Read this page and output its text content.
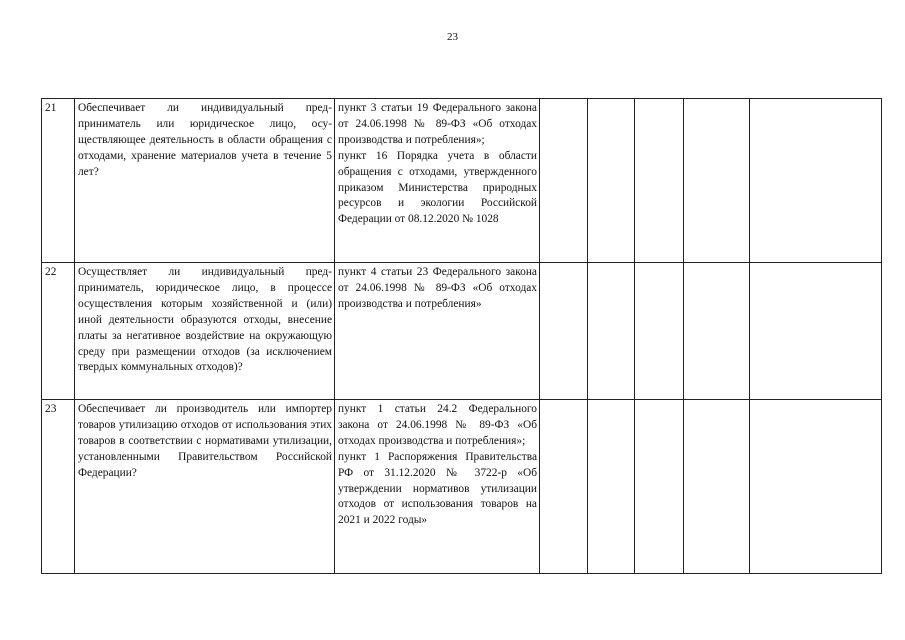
23
21	Обеспечивает ли индивидуальный предприниматель или юридическое лицо, осуществляющее деятельность в области обращения с отходами, хранение материалов учета в течение 5 лет?	пункт 3 статьи 19 Федерального закона от 24.06.1998 № 89-ФЗ «Об отходах производства и потребления»;
пункт 16 Порядка учета в области обращения с отходами, утвержденного приказом Министерства природных ресурсов и экологии Российской Федерации от 08.12.2020 № 1028					

22	Осуществляет ли индивидуальный предприниматель, юридическое лицо, в процессе осуществления которым хозяйственной и (или) иной деятельности образуются отходы, внесение платы за негативное воздействие на окружающую среду при размещении отходов (за исключением твердых коммунальных отходов)?	пункт 4 статьи 23 Федерального закона от 24.06.1998 № 89-ФЗ «Об отходах производства и потребления»					

23	Обеспечивает ли производитель или импортер товаров утилизацию отходов от использования этих товаров в соответствии с нормативами утилизации, установленными Правительством Российской Федерации?	пункт 1 статьи 24.2 Федерального закона от 24.06.1998 № 89-ФЗ «Об отходах производства и потребления»;
пункт 1 Распоряжения Правительства РФ от 31.12.2020 № 3722-р «Об утверждении нормативов утилизации отходов от использования товаров на 2021 и 2022 годы»					
